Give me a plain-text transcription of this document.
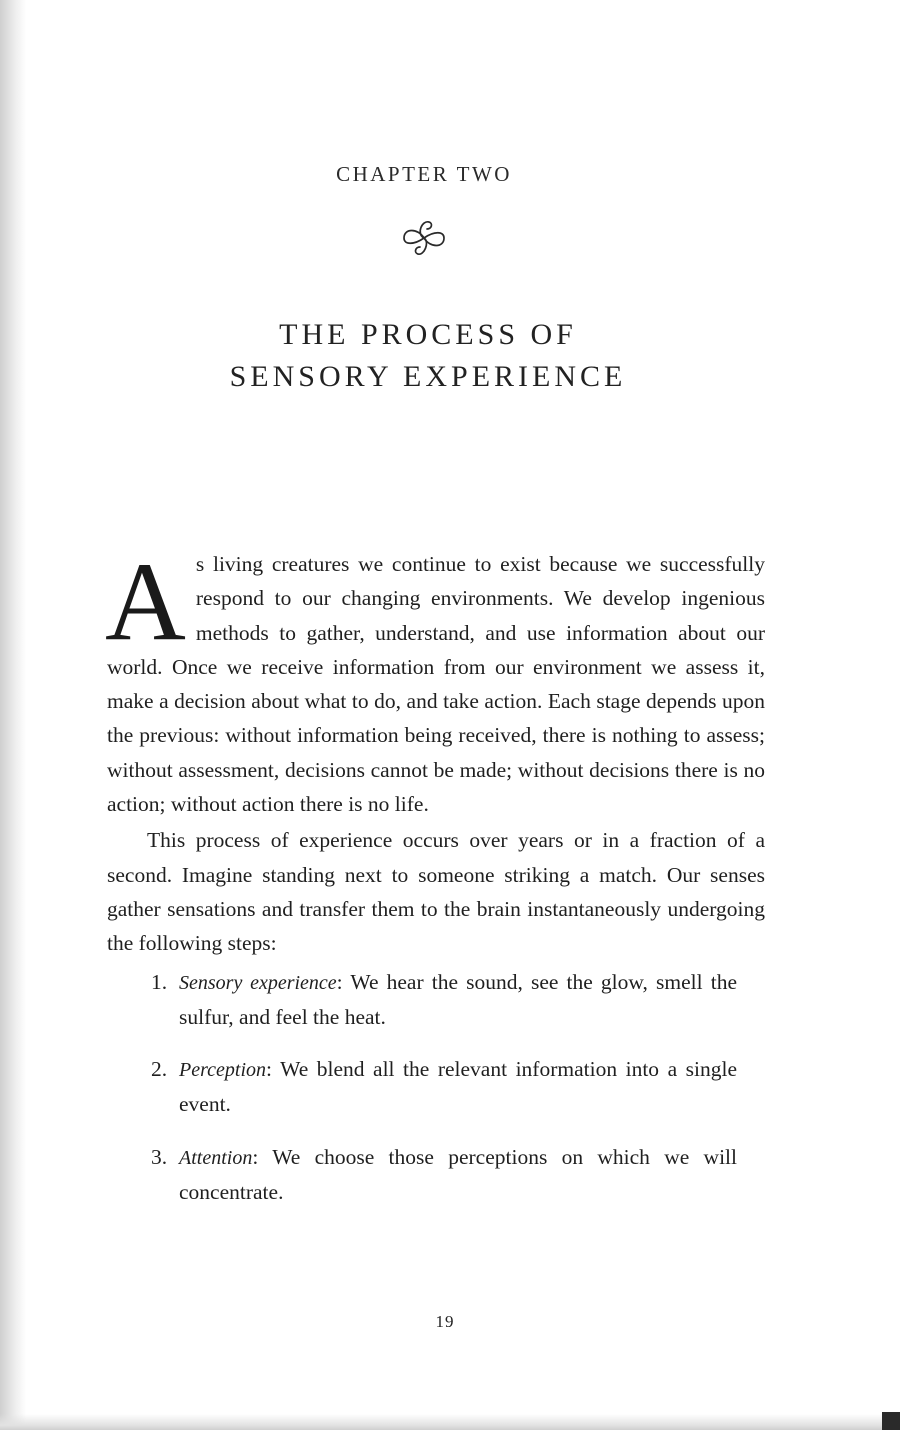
CHAPTER TWO
THE PROCESS OF
SENSORY EXPERIENCE

As living creatures we continue to exist because we successfully respond to our changing environments. We develop ingenious methods to gather, understand, and use information about our world. Once we receive information from our environment we assess it, make a decision about what to do, and take action. Each stage depends upon the previous: without information being received, there is nothing to assess; without assessment, decisions cannot be made; without decisions there is no action; without action there is no life.

This process of experience occurs over years or in a fraction of a second. Imagine standing next to someone striking a match. Our senses gather sensations and transfer them to the brain instantaneously undergoing the following steps:

1. Sensory experience: We hear the sound, see the glow, smell the sulfur, and feel the heat.
2. Perception: We blend all the relevant information into a single event.
3. Attention: We choose those perceptions on which we will concentrate.
19
